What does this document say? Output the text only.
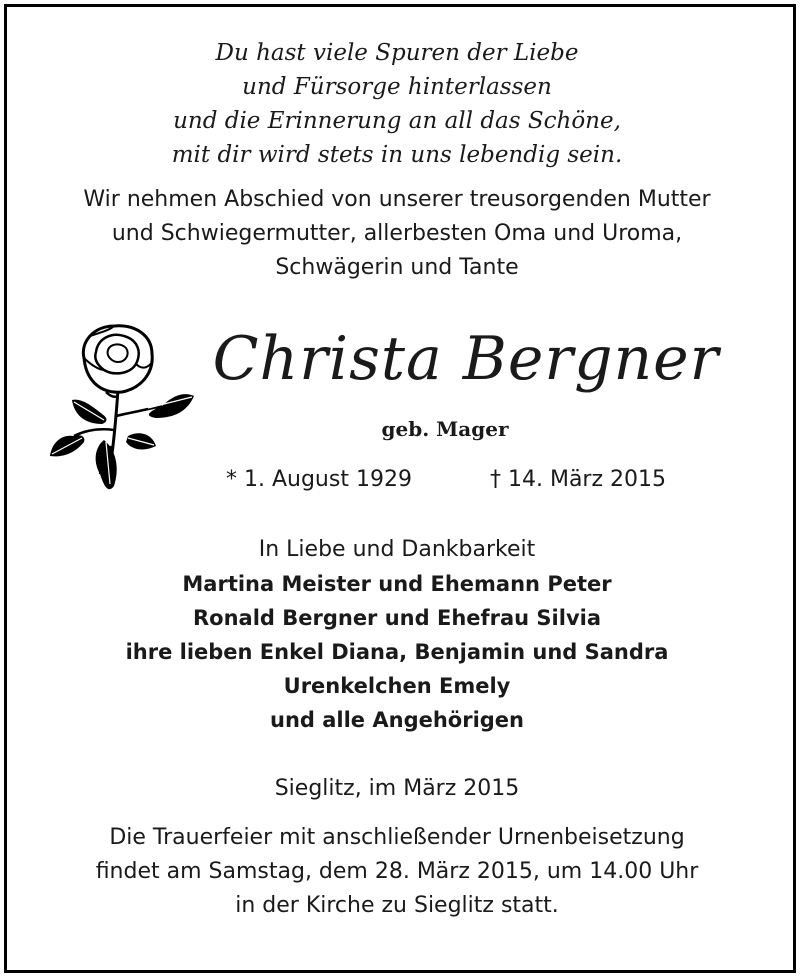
Du hast viele Spuren der Liebe
und Fürsorge hinterlassen
und die Erinnerung an all das Schöne,
mit dir wird stets in uns lebendig sein.
Wir nehmen Abschied von unserer treusorgenden Mutter
und Schwiegermutter, allerbesten Oma und Uroma,
Schwägerin und Tante
Christa Bergner
geb. Mager
* 1. August 1929	† 14. März 2015
In Liebe und Dankbarkeit
Martina Meister und Ehemann Peter
Ronald Bergner und Ehefrau Silvia
ihre lieben Enkel Diana, Benjamin und Sandra
Urenkelchen Emely
und alle Angehörigen
Sieglitz, im März 2015
Die Trauerfeier mit anschließender Urnenbeisetzung
findet am Samstag, dem 28. März 2015, um 14.00 Uhr
in der Kirche zu Sieglitz statt.
